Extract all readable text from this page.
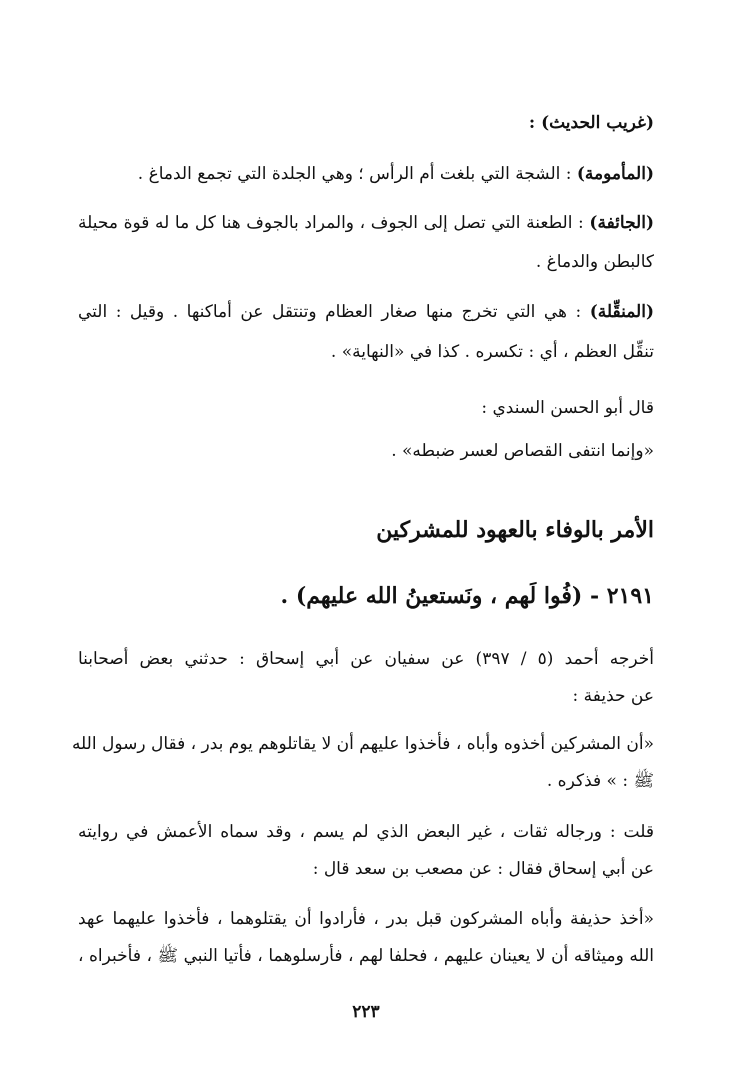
(غريب الحديث) :
(المأمومة) : الشجة التي بلغت أم الرأس ؛ وهي الجلدة التي تجمع الدماغ .
(الجائفة) : الطعنة التي تصل إلى الجوف ، والمراد بالجوف هنا كل ما له قوة محيلة
كالبطن والدماغ .
(المنقِّلة) : هي التي تخرج منها صغار العظام وتنتقل عن أماكنها . وقيل : التي
تنقِّل العظم ، أي : تكسره . كذا في «النهاية» .
قال أبو الحسن السندي :
«وإنما انتفى القصاص لعسر ضبطه» .
الأمر بالوفاء بالعهود للمشركين
٢١٩١ - (فُوا لَهم ، ونَستعينُ الله عليهم) .
أخرجه أحمد (٥ / ٣٩٧) عن سفيان عن أبي إسحاق : حدثني بعض أصحابنا
عن حذيفة :
«أن المشركين أخذوه وأباه ، فأخذوا عليهم أن لا يقاتلوهم يوم بدر ، فقال رسول الله
ﷺ : » فذكره .
قلت : ورجاله ثقات ، غير البعض الذي لم يسم ، وقد سماه الأعمش في روايته
عن أبي إسحاق فقال : عن مصعب بن سعد قال :
«أخذ حذيفة وأباه المشركون قبل بدر ، فأرادوا أن يقتلوهما ، فأخذوا عليهما عهد
الله وميثاقه أن لا يعينان عليهم ، فحلفا لهم ، فأرسلوهما ، فأتيا النبي ﷺ ، فأخبراه ،
٢٢٣
